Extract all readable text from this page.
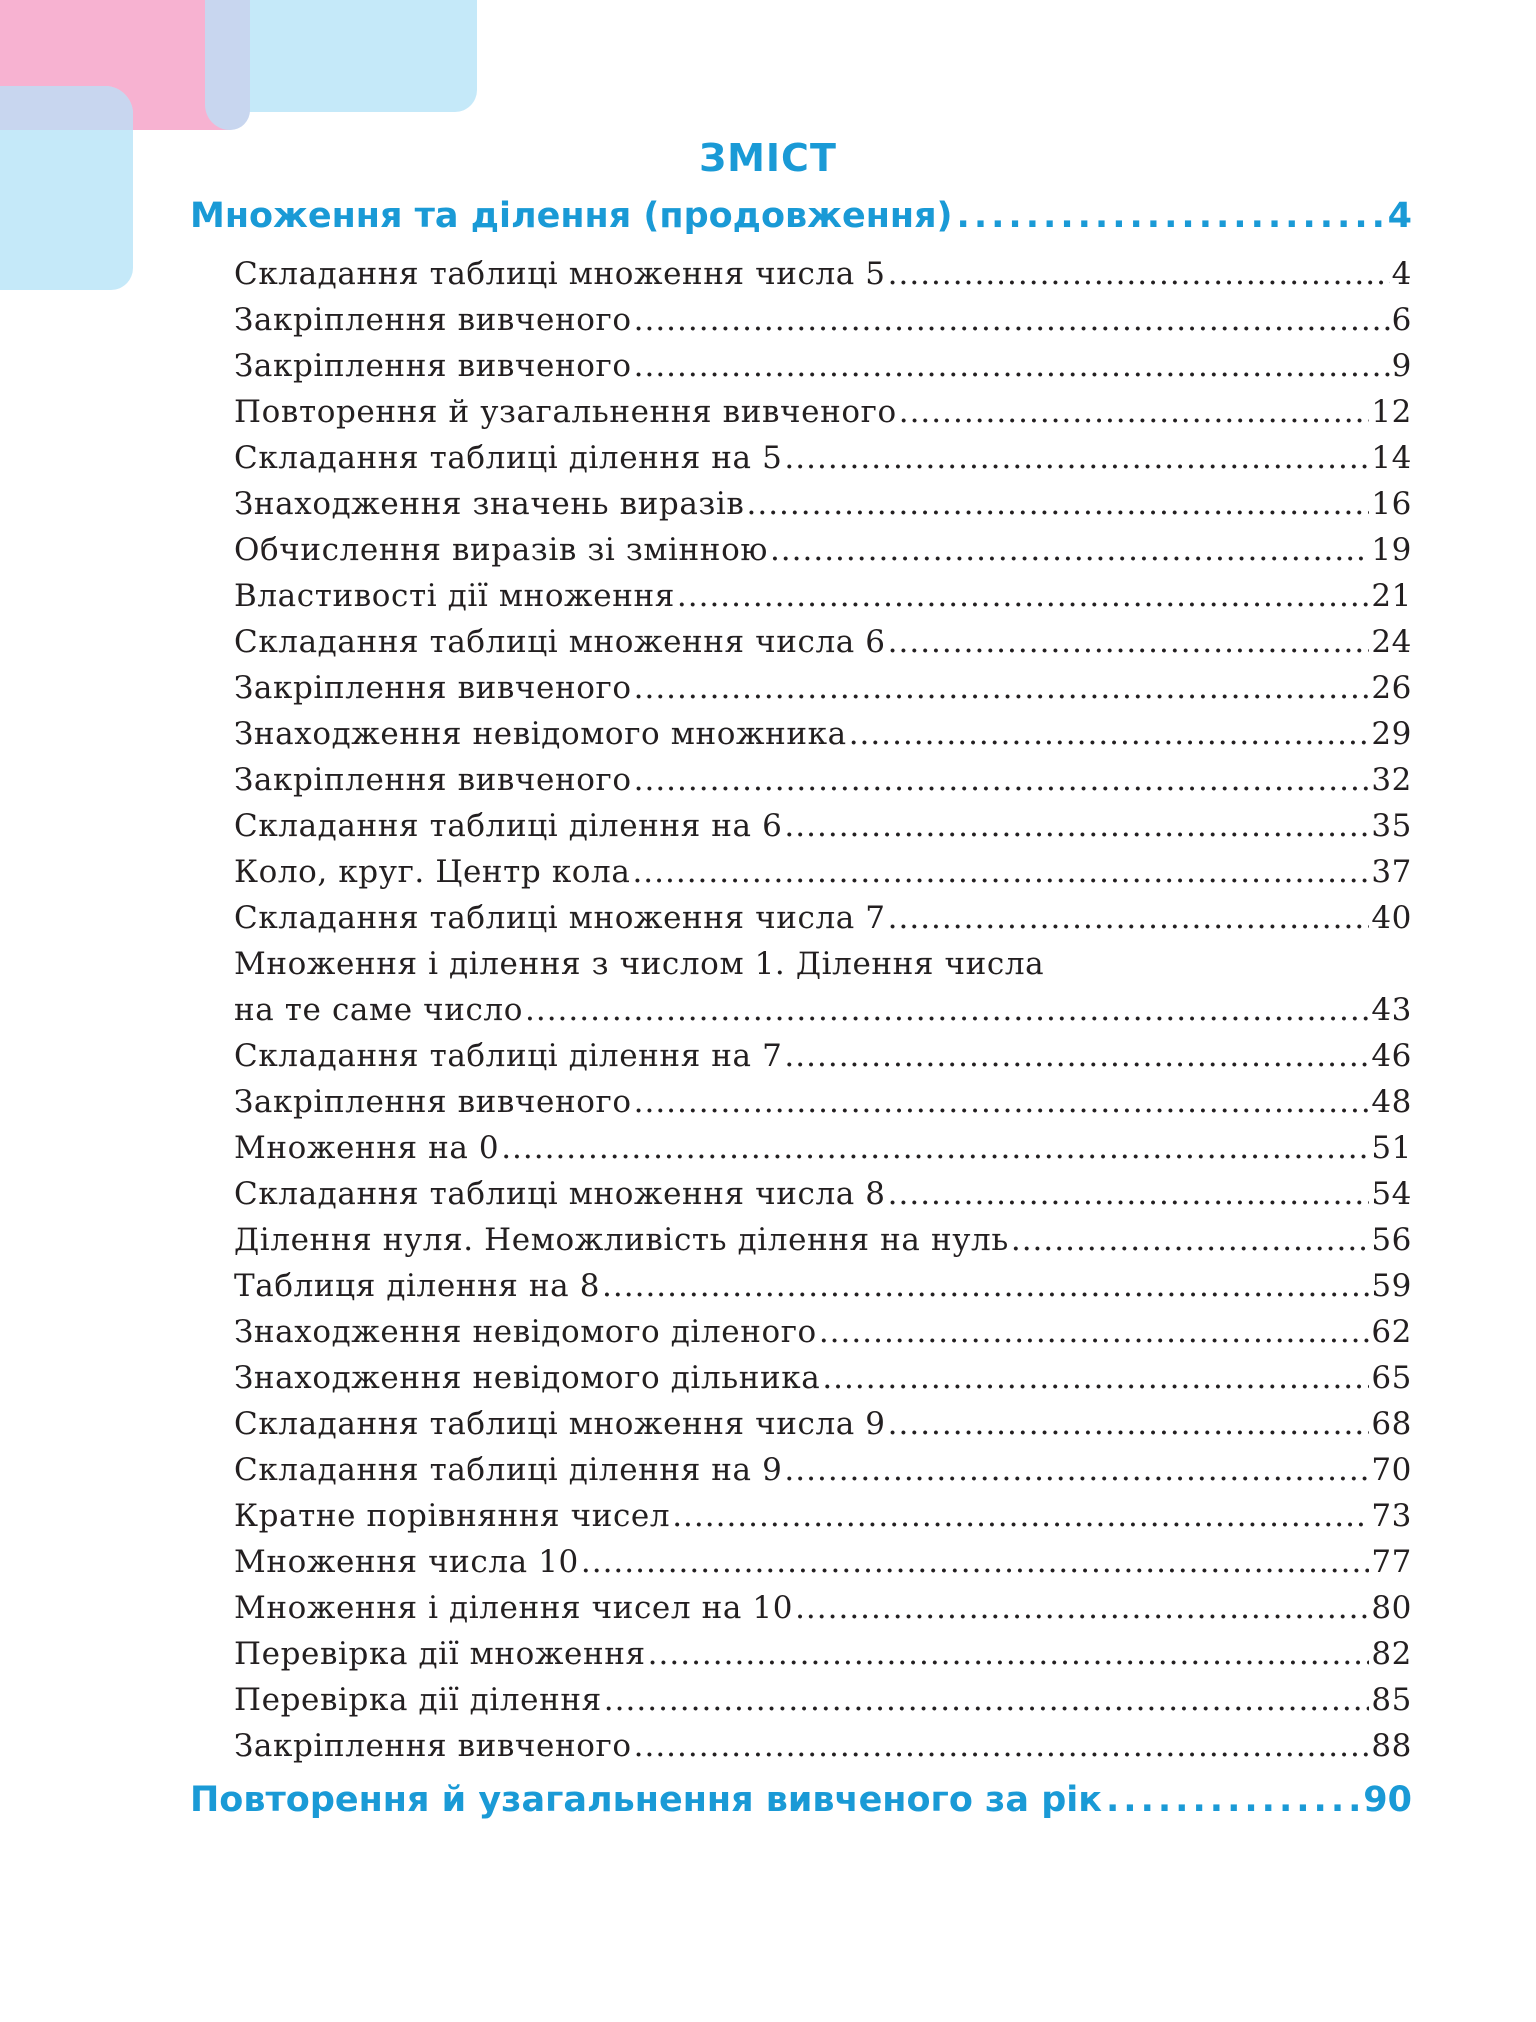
ЗМІСТ
Множення та ділення (продовження) .....	4
Складання таблиці множення числа 5 .....	4
Закріплення вивченого .....	6
Закріплення вивченого .....	9
Повторення й узагальнення вивченого .....	12
Складання таблиці ділення на 5 .....	14
Знаходження значень виразів .....	16
Обчислення виразів зі змінною .....	19
Властивості дії множення .....	21
Складання таблиці множення числа 6 .....	24
Закріплення вивченого .....	26
Знаходження невідомого множника .....	29
Закріплення вивченого .....	32
Складання таблиці ділення на 6 .....	35
Коло, круг. Центр кола .....	37
Складання таблиці множення числа 7 .....	40
Множення і ділення з числом 1. Ділення числа
на те саме число .....	43
Складання таблиці ділення на 7 .....	46
Закріплення вивченого .....	48
Множення на 0 .....	51
Складання таблиці множення числа 8 .....	54
Ділення нуля. Неможливість ділення на нуль .....	56
Таблиця ділення на 8 .....	59
Знаходження невідомого діленого .....	62
Знаходження невідомого дільника .....	65
Складання таблиці множення числа 9 .....	68
Складання таблиці ділення на 9 .....	70
Кратне порівняння чисел .....	73
Множення числа 10 .....	77
Множення і ділення чисел на 10 .....	80
Перевірка дії множення .....	82
Перевірка дії ділення .....	85
Закріплення вивченого .....	88
Повторення й узагальнення вивченого за рік .....	90
